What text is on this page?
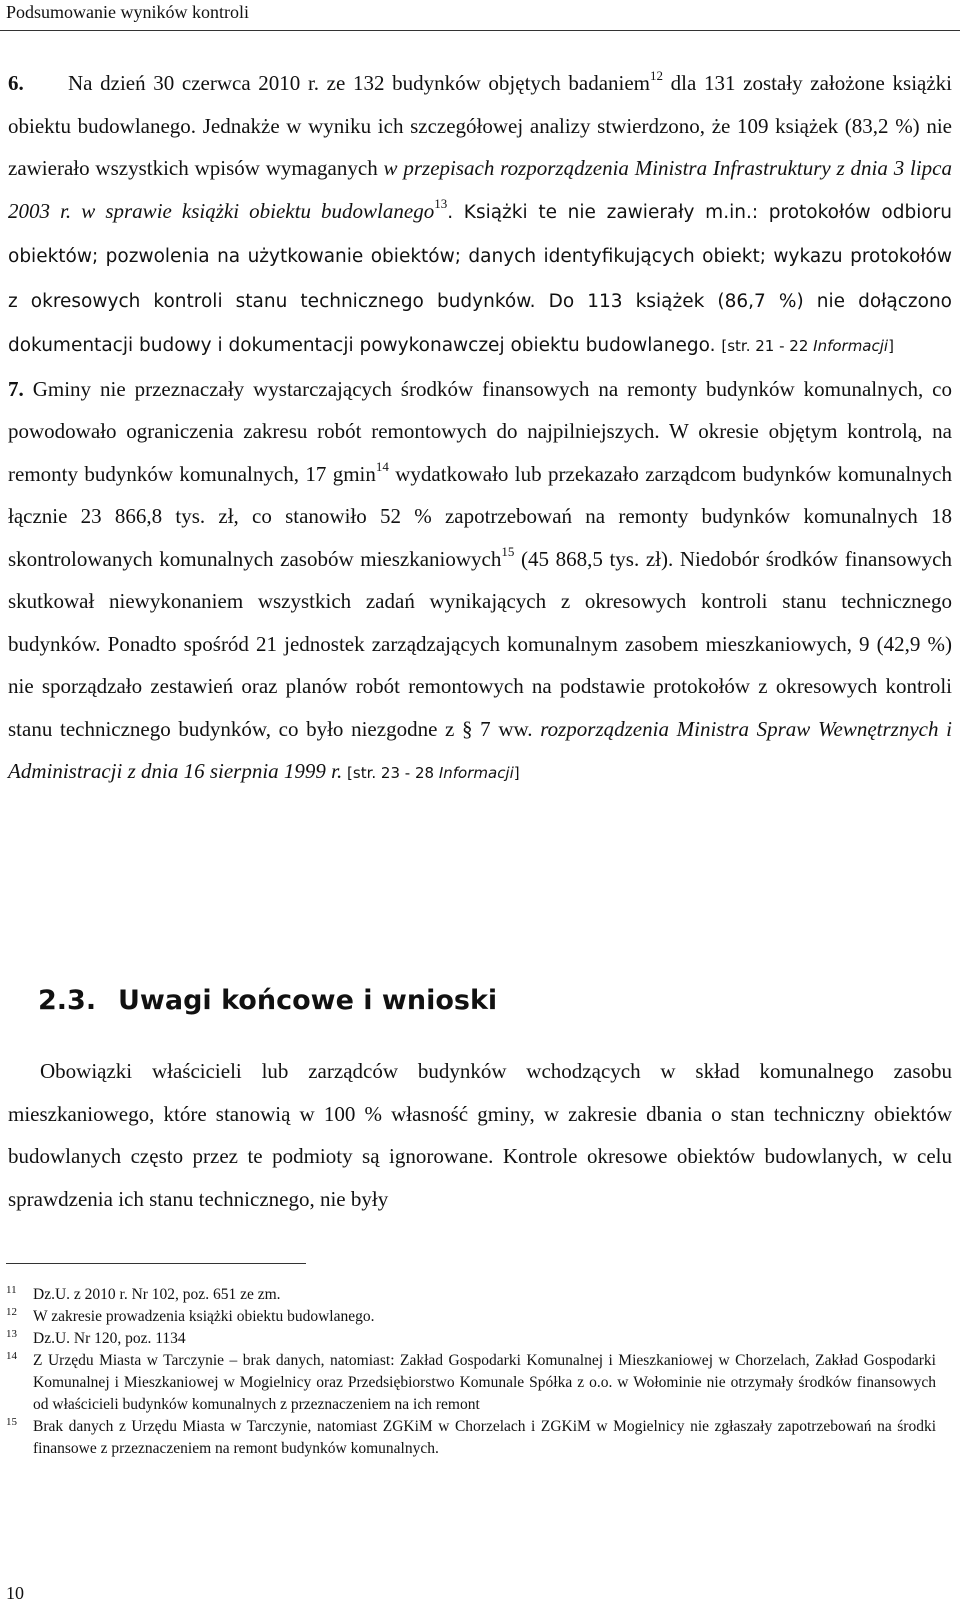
Podsumowanie wyników kontroli

6. Na dzień 30 czerwca 2010 r. ze 132 budynków objętych badaniem$^{12}$ dla 131 zostały założone książki obiektu budowlanego. Jednakże w wyniku ich szczegółowej analizy stwierdzono, że 109 książek (83,2 %) nie zawierało wszystkich wpisów wymaganych w przepisach rozporządzenia Ministra Infrastruktury z dnia 3 lipca 2003 r. w sprawie książki obiektu budowlanego$^{13}$. Książki te nie zawierały m.in.: protokołów odbioru obiektów; pozwolenia na użytkowanie obiektów; danych identyfikujących obiekt; wykazu protokołów z okresowych kontroli stanu technicznego budynków. Do 113 książek (86,7 %) nie dołączono dokumentacji budowy i dokumentacji powykonawczej obiektu budowlanego. [str. 21 - 22 Informacji]

7. Gminy nie przeznaczały wystarczających środków finansowych na remonty budynków komunalnych, co powodowało ograniczenia zakresu robót remontowych do najpilniejszych. W okresie objętym kontrolą, na remonty budynków komunalnych, 17 gmin$^{14}$ wydatkowało lub przekazało zarządcom budynków komunalnych łącznie 23 866,8 tys. zł, co stanowiło 52 % zapotrzebowań na remonty budynków komunalnych 18 skontrolowanych komunalnych zasobów mieszkaniowych$^{15}$ (45 868,5 tys. zł). Niedobór środków finansowych skutkował niewykonaniem wszystkich zadań wynikających z okresowych kontroli stanu technicznego budynków. Ponadto spośród 21 jednostek zarządzających komunalnym zasobem mieszkaniowych, 9 (42,9 %) nie sporządzało zestawień oraz planów robót remontowych na podstawie protokołów z okresowych kontroli stanu technicznego budynków, co było niezgodne z § 7 ww. rozporządzenia Ministra Spraw Wewnętrznych i Administracji z dnia 16 sierpnia 1999 r. [str. 23 - 28 Informacji]

2.3. Uwagi końcowe i wnioski
Obowiązki właścicieli lub zarządców budynków wchodzących w skład komunalnego zasobu mieszkaniowego, które stanowią w 100 % własność gminy, w zakresie dbania o stan techniczny obiektów budowlanych często przez te podmioty są ignorowane. Kontrole okresowe obiektów budowlanych, w celu sprawdzenia ich stanu technicznego, nie były
11	Dz.U. z 2010 r. Nr 102, poz. 651 ze zm.
12	W zakresie prowadzenia książki obiektu budowlanego.
13	Dz.U. Nr 120, poz. 1134
14	Z Urzędu Miasta w Tarczynie – brak danych, natomiast: Zakład Gospodarki Komunalnej i Mieszkaniowej w Chorzelach, Zakład Gospodarki Komunalnej i Mieszkaniowej w Mogielnicy oraz Przedsiębiorstwo Komunale Spółka z o.o. w Wołominie nie otrzymały środków finansowych od właścicieli budynków komunalnych z przeznaczeniem na ich remont
15	Brak danych z Urzędu Miasta w Tarczynie, natomiast ZGKiM w Chorzelach i ZGKiM w Mogielnicy nie zgłaszały zapotrzebowań na środki finansowe z przeznaczeniem na remont budynków komunalnych.
10
